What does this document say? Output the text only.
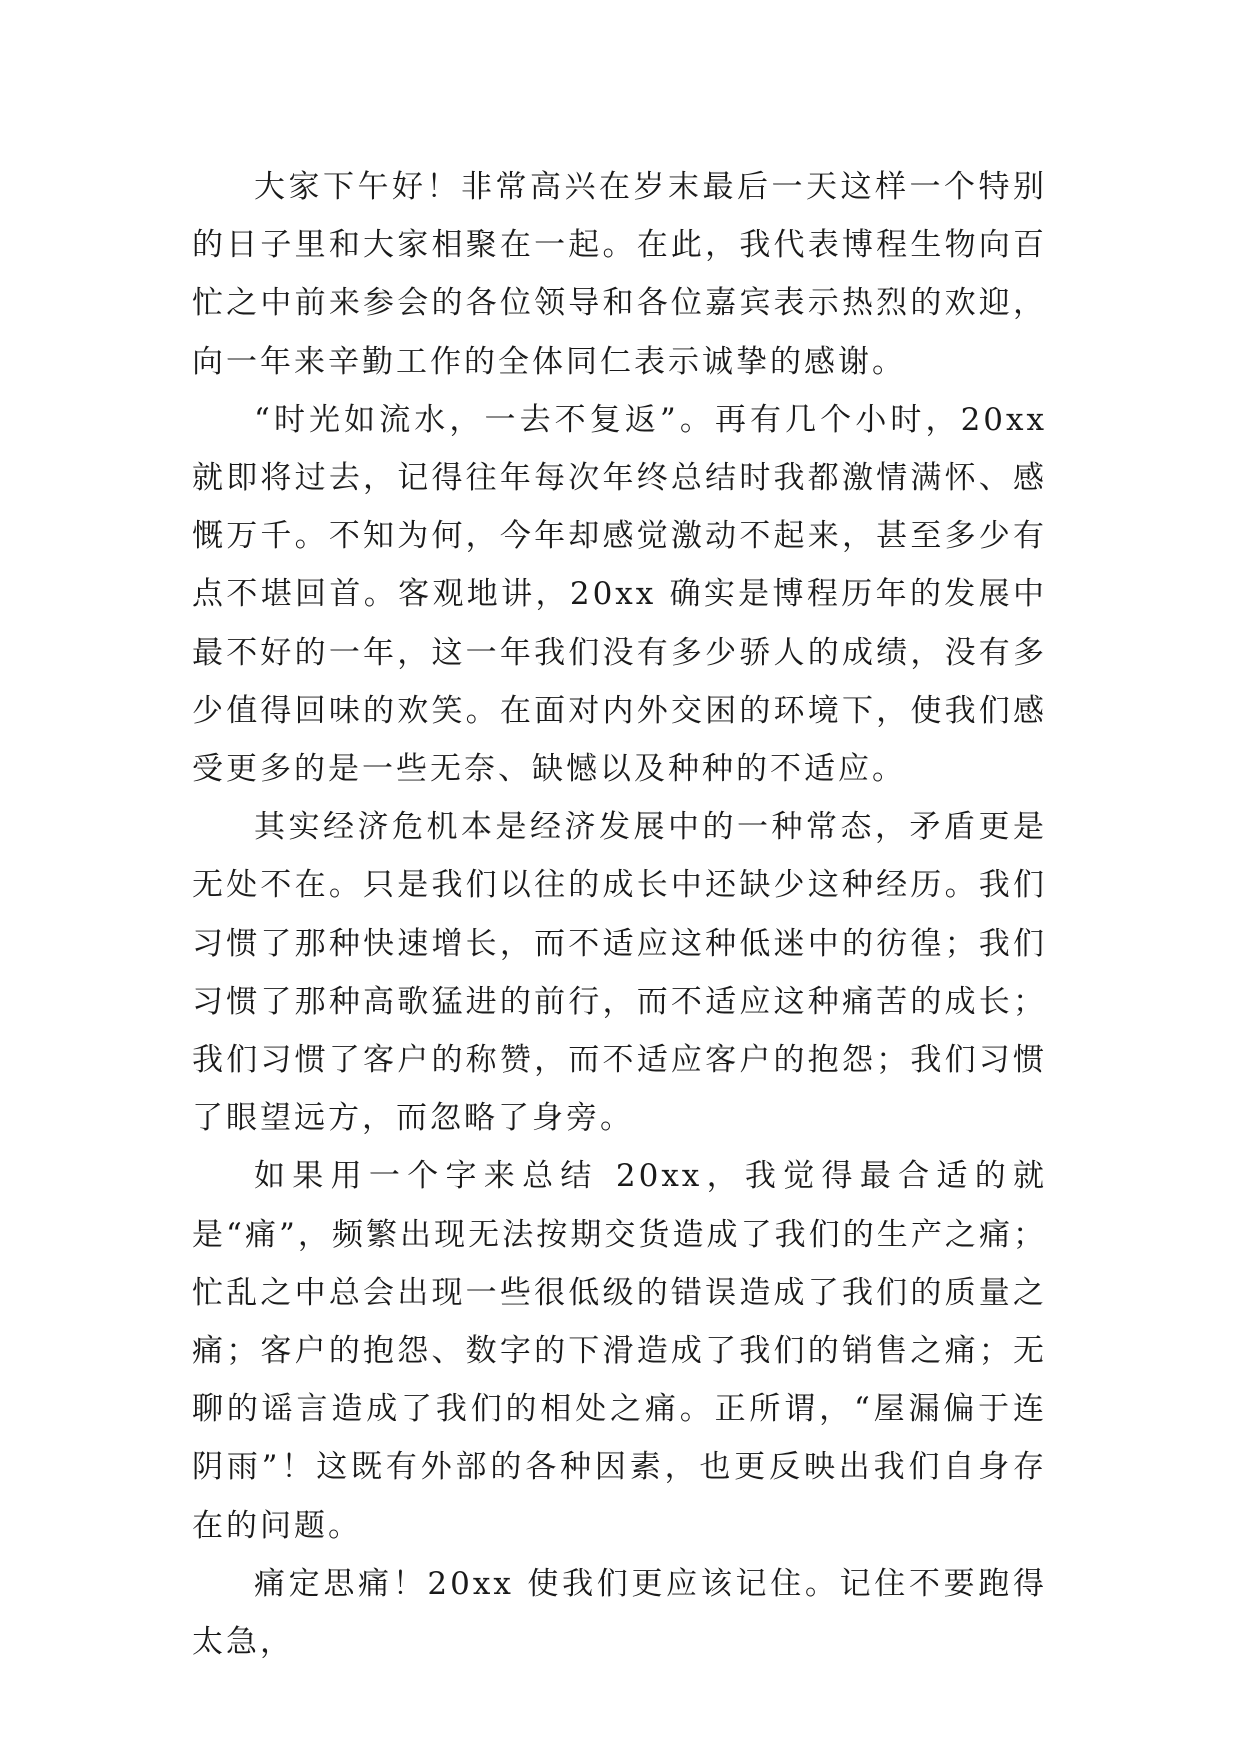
大家下午好！非常高兴在岁末最后一天这样一个特别的日子里和大家相聚在一起。在此，我代表博程生物向百忙之中前来参会的各位领导和各位嘉宾表示热烈的欢迎，向一年来辛勤工作的全体同仁表示诚挚的感谢。

“时光如流水，一去不复返”。再有几个小时，20xx 就即将过去，记得往年每次年终总结时我都激情满怀、感慨万千。不知为何，今年却感觉激动不起来，甚至多少有点不堪回首。客观地讲，20xx 确实是博程历年的发展中最不好的一年，这一年我们没有多少骄人的成绩，没有多少值得回味的欢笑。在面对内外交困的环境下，使我们感受更多的是一些无奈、缺憾以及种种的不适应。

其实经济危机本是经济发展中的一种常态，矛盾更是无处不在。只是我们以往的成长中还缺少这种经历。我们习惯了那种快速增长，而不适应这种低迷中的彷徨；我们习惯了那种高歌猛进的前行，而不适应这种痛苦的成长；我们习惯了客户的称赞，而不适应客户的抱怨；我们习惯了眼望远方，而忽略了身旁。

如果用一个字来总结 20xx，我觉得最合适的就是“痛”，频繁出现无法按期交货造成了我们的生产之痛；忙乱之中总会出现一些很低级的错误造成了我们的质量之痛；客户的抱怨、数字的下滑造成了我们的销售之痛；无聊的谣言造成了我们的相处之痛。正所谓，“屋漏偏于连阴雨”！这既有外部的各种因素，也更反映出我们自身存在的问题。

痛定思痛！20xx 使我们更应该记住。记住不要跑得太急，
